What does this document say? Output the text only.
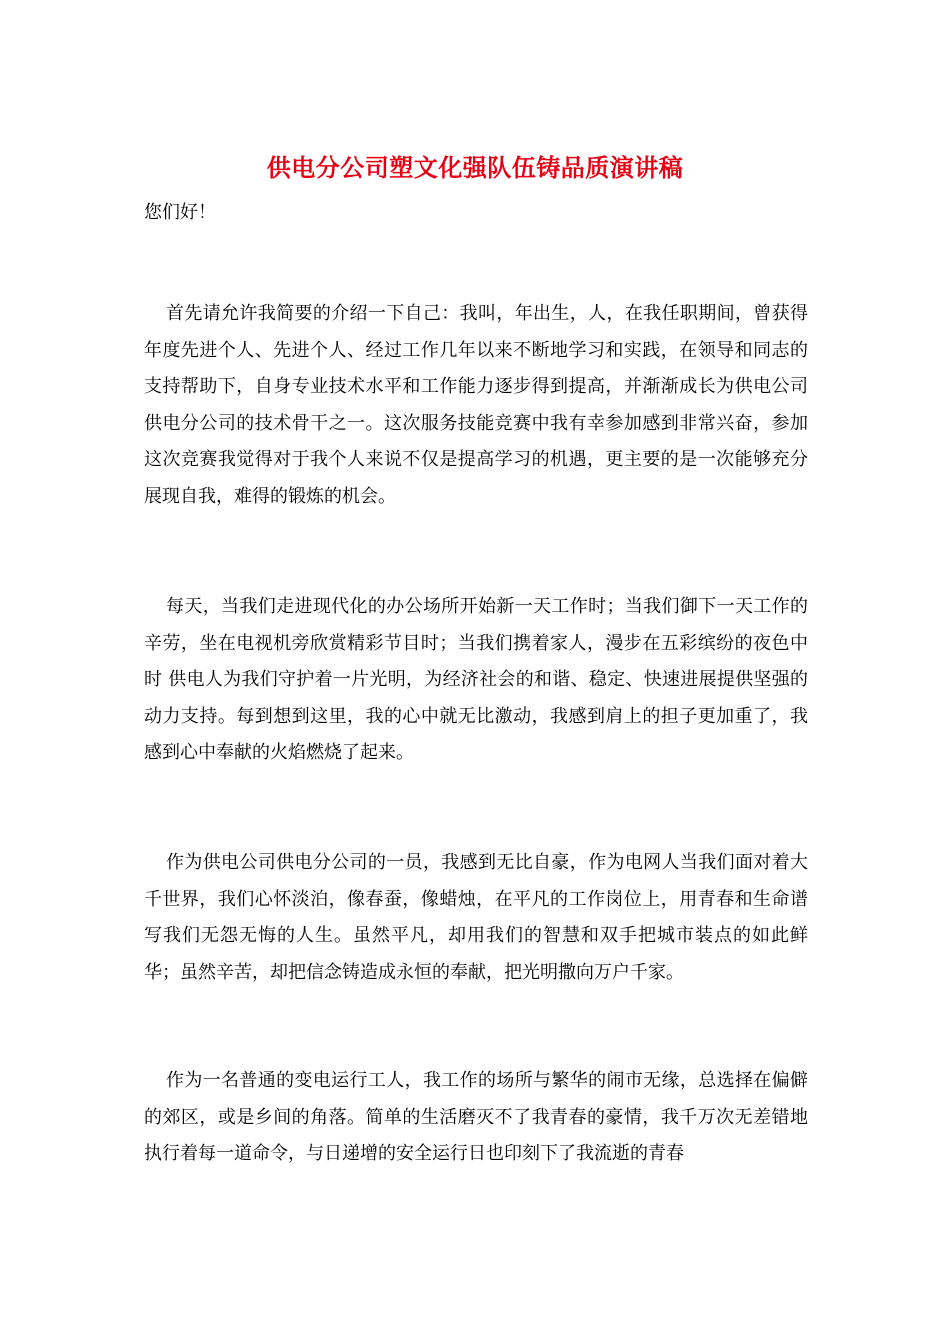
供电分公司塑文化强队伍铸品质演讲稿
您们好！

首先请允许我简要的介绍一下自己：我叫，年出生，人，在我任职期间，曾获得年度先进个人、先进个人、经过工作几年以来不断地学习和实践，在领导和同志的支持帮助下，自身专业技术水平和工作能力逐步得到提高，并渐渐成长为供电公司供电分公司的技术骨干之一。这次服务技能竞赛中我有幸参加感到非常兴奋，参加这次竞赛我觉得对于我个人来说不仅是提高学习的机遇，更主要的是一次能够充分展现自我，难得的锻炼的机会。

每天，当我们走进现代化的办公场所开始新一天工作时；当我们御下一天工作的辛劳，坐在电视机旁欣赏精彩节目时；当我们携着家人，漫步在五彩缤纷的夜色中时 供电人为我们守护着一片光明，为经济社会的和谐、稳定、快速进展提供坚强的动力支持。每到想到这里，我的心中就无比激动，我感到肩上的担子更加重了，我感到心中奉献的火焰燃烧了起来。

作为供电公司供电分公司的一员，我感到无比自豪，作为电网人当我们面对着大千世界，我们心怀淡泊，像春蚕，像蜡烛，在平凡的工作岗位上，用青春和生命谱写我们无怨无悔的人生。虽然平凡，却用我们的智慧和双手把城市装点的如此鲜华；虽然辛苦，却把信念铸造成永恒的奉献，把光明撒向万户千家。

作为一名普通的变电运行工人，我工作的场所与繁华的闹市无缘，总选择在偏僻的郊区，或是乡间的角落。简单的生活磨灭不了我青春的豪情，我千万次无差错地执行着每一道命令，与日递增的安全运行日也印刻下了我流逝的青春
